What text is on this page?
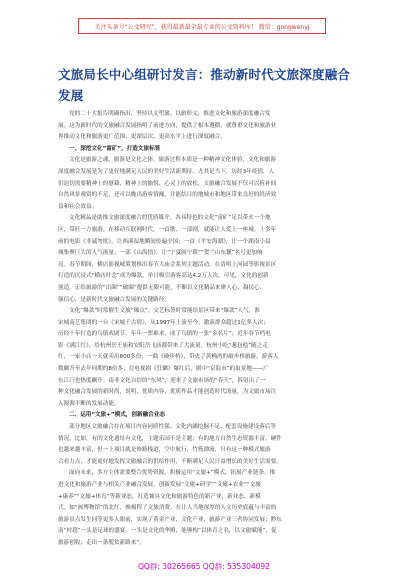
关注头条号“公文研究”，获得最新最全最专业的公文资料库！ 微信：gongwenyj
文旅局长中心组研讨发言：推动新时代文旅深度融合
发展
党的二十大报告明确指出，坚持以文塑旅、以旅彰文，推进文化和旅游深度融合发
展。这为新时代的文旅融合发展指明了前进方向，提供了根本遵循。就尊重文化和旅游业
界推动文化和旅游更广范围、更深层次、更高水平上进行深度融合。
一、深挖文化“富矿”，打造文旅标签
文化是旅游之魂，旅游是文化之体。旅游过程本质是一种精神文化体验，文化和旅游
深度融合发展是为了更好地满足人民的美好生活新期待。尤其是当下，历经3年疫情，人
们迫切需要精神上的慰藉、精神上的愉悦、心灵上的放松。文旅融合发展不仅可以拆补间
自然风景观赏的不足，还可以晚出游客情操，并能结目的地城市和地区带来良好的经济效
益和社会效益。
文化精品是助推文旅深度融合的优质媒介。各具特色的文化“富矿”足以带火一个地
区，带旺一方旅游。在移动互联网时代，一首歌、一部剧，就能让人爱上一座城。十多年
前的电影《非诚勿扰》，让西溪湿地瞬间传遍全国；一首《平安海湖》，让一个湖南小县
城集聚巨大的人气流量；一部《山海情》，让“宁夏闽宁镇”“贺兰山东麓”名号更加响
亮。春节期间，横店影视城策划推出春节大庙会系列主题活动，在清明上河园等影视景区
打造的沉浸式“横店叶念”成为爆款，单日吸引游客高达4.2万人次。可见，文化的创新
创造，正给旅游的“出圈”“破圈”提供无限可能，不断以文化精品来聚人心、凝民心、
强信心，是新时代文旅融合发展的关键路径。
文化“爆款”时常催生文旅“爆点”。文艺标签时常能给景区带来“爆款”人气，淮
宋城南艺集团的一台《宋城千古情》，从1997年上演至今，激演群众超过1亿多人次；
历经十年打造的乌镇戏剧节，年年一票难求，成了乌镇的一张“金名片”；近年春节档电
影《满江红》，给杭州岳王庙和安阳岳飞庙都带来了大流量，杭州小吃“葱包桧”随之走
红，一家小店一天就卖出800多份；一曲《破步桥》，带火了黄桷湾的破步桥旅游，游客人
数飙升至去年同期的8倍多；在电视剧《狂飙》爆红后，剧中“京海市”的取景地——广
东江门也热度飙升。南非文化自信的“东风”，迎来了文旅市场的“春天”，拆射出了一
种文化融合发展的新时尚，说明，优质内容，优质作品才能创造时代流量，为文旅市场注
入源源不断的发展动能。
二、运用“文旅+”模式，创新融合业态
部分地区文旅融合存在项目内容同质性强、文化内涵挖掘不足、配套设施建设落后等
情况。比如，有的文化遗址有文化，主题乐园不是主题；有的地方自然生态资源丰富，硬件
也越来越丰富，但一上项目就是修路栈道，空中航行，竹筏漂流，只有这一种模式旅游
合看力点，才能更好地发挥文旅融合的供给作用，不断满足人民日益增长的美好生活需要。
面向未来，多方主体需要整合优势资源，积极运用“文旅+”模式，拓展产业链条，推
进文化和旅游产业与相关产业融合发展，创新发展“文旅+研学”“文旅+农业”“文旅
+康养”“文旅+体育”等新业态，打造兼具文化和旅游特色的新产业、新业态、新模
式。如“画博物馆”的北红，映揭程了文旅消费。在让人当地深厚的人文历史底蕴与丰富的
旅游景点发生同等更多人眼前，实现了黄金产业、文化产业、旅游产业三者协同发展；黔东
南“村超”一头是足球的盛宴，一头是文化的华殿，能够构“以体育之名，以文旅赋能”，促
旅游创收，走出一条脱贫新路来”。
QQ群: 30265665 QQ群: 535304092
